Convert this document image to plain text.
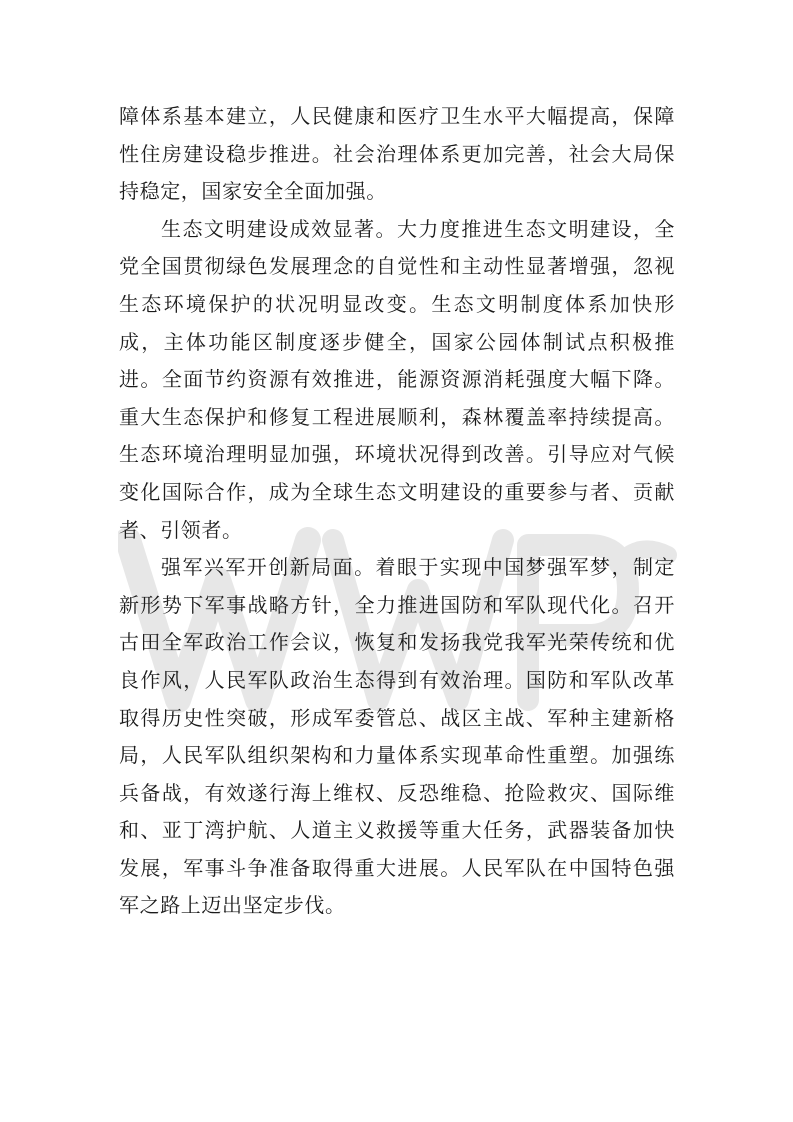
障体系基本建立，人民健康和医疗卫生水平大幅提高，保障性住房建设稳步推进。社会治理体系更加完善，社会大局保持稳定，国家安全全面加强。

生态文明建设成效显著。大力度推进生态文明建设，全党全国贯彻绿色发展理念的自觉性和主动性显著增强，忽视生态环境保护的状况明显改变。生态文明制度体系加快形成，主体功能区制度逐步健全，国家公园体制试点积极推进。全面节约资源有效推进，能源资源消耗强度大幅下降。重大生态保护和修复工程进展顺利，森林覆盖率持续提高。生态环境治理明显加强，环境状况得到改善。引导应对气候变化国际合作，成为全球生态文明建设的重要参与者、贡献者、引领者。

强军兴军开创新局面。着眼于实现中国梦强军梦，制定新形势下军事战略方针，全力推进国防和军队现代化。召开古田全军政治工作会议，恢复和发扬我党我军光荣传统和优良作风，人民军队政治生态得到有效治理。国防和军队改革取得历史性突破，形成军委管总、战区主战、军种主建新格局，人民军队组织架构和力量体系实现革命性重塑。加强练兵备战，有效遂行海上维权、反恐维稳、抢险救灾、国际维和、亚丁湾护航、人道主义救援等重大任务，武器装备加快发展，军事斗争准备取得重大进展。人民军队在中国特色强军之路上迈出坚定步伐。
